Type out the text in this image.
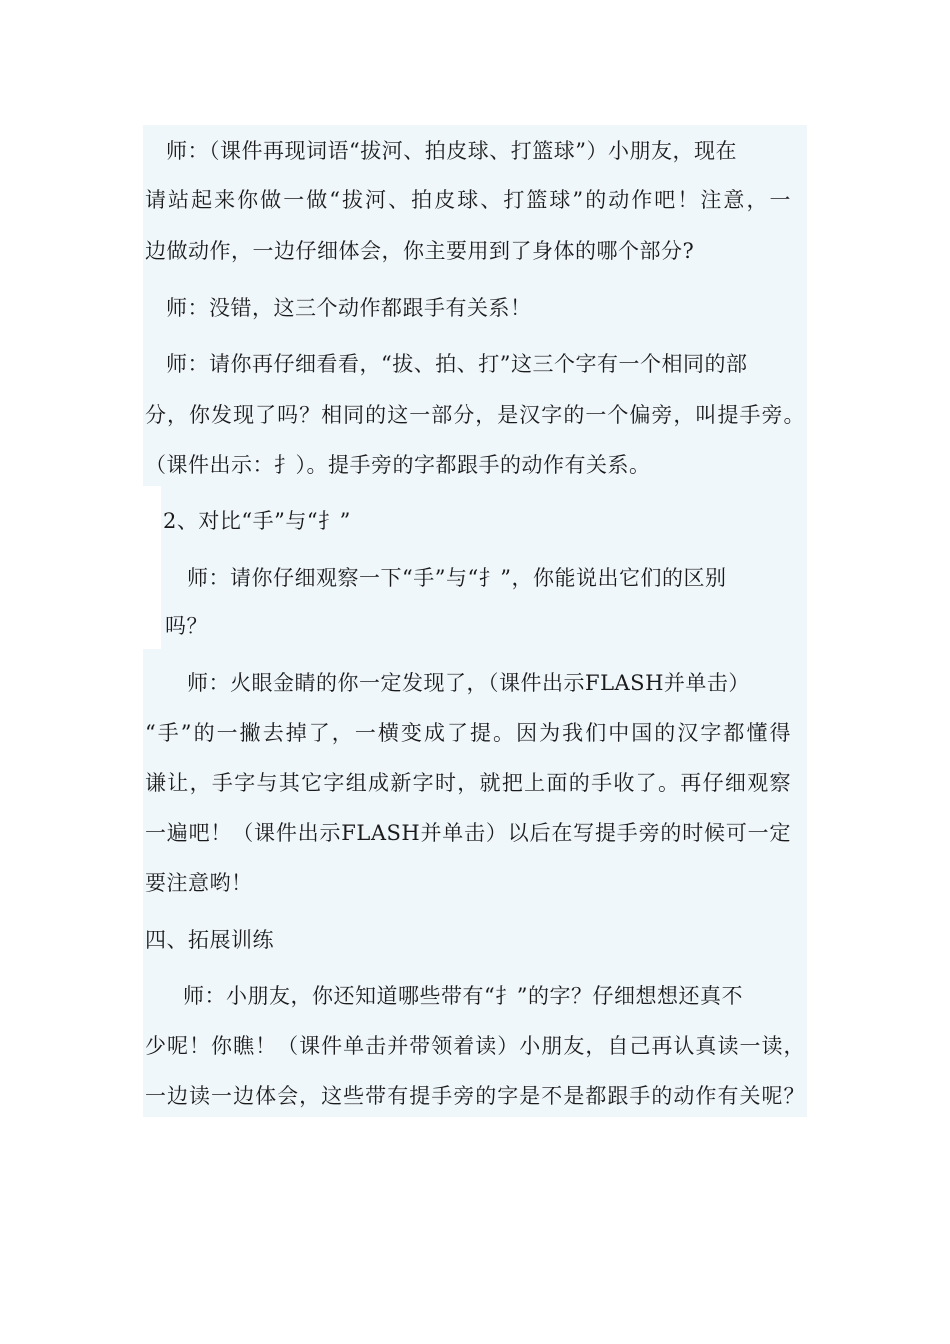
师：（课件再现词语“拔河、拍皮球、打篮球”）小朋友，现在
请站起来你做一做“拔河、拍皮球、打篮球”的动作吧！注意，一
边做动作，一边仔细体会，你主要用到了身体的哪个部分?
师：没错，这三个动作都跟手有关系！
师：请你再仔细看看，“拔、拍、打”这三个字有一个相同的部
分，你发现了吗？相同的这一部分，是汉字的一个偏旁，叫提手旁。
（课件出示：扌）。提手旁的字都跟手的动作有关系。
2、对比“手”与“扌”
师：请你仔细观察一下“手”与“扌”，你能说出它们的区别
吗？
师：火眼金睛的你一定发现了，（课件出示FLASH并单击）
“手”的一撇去掉了，一横变成了提。因为我们中国的汉字都懂得
谦让，手字与其它字组成新字时，就把上面的手收了。再仔细观察
一遍吧！（课件出示FLASH并单击）以后在写提手旁的时候可一定
要注意哟！
四、拓展训练
师：小朋友，你还知道哪些带有“扌”的字？仔细想想还真不
少呢！你瞧！（课件单击并带领着读）小朋友，自己再认真读一读，
一边读一边体会，这些带有提手旁的字是不是都跟手的动作有关呢？
